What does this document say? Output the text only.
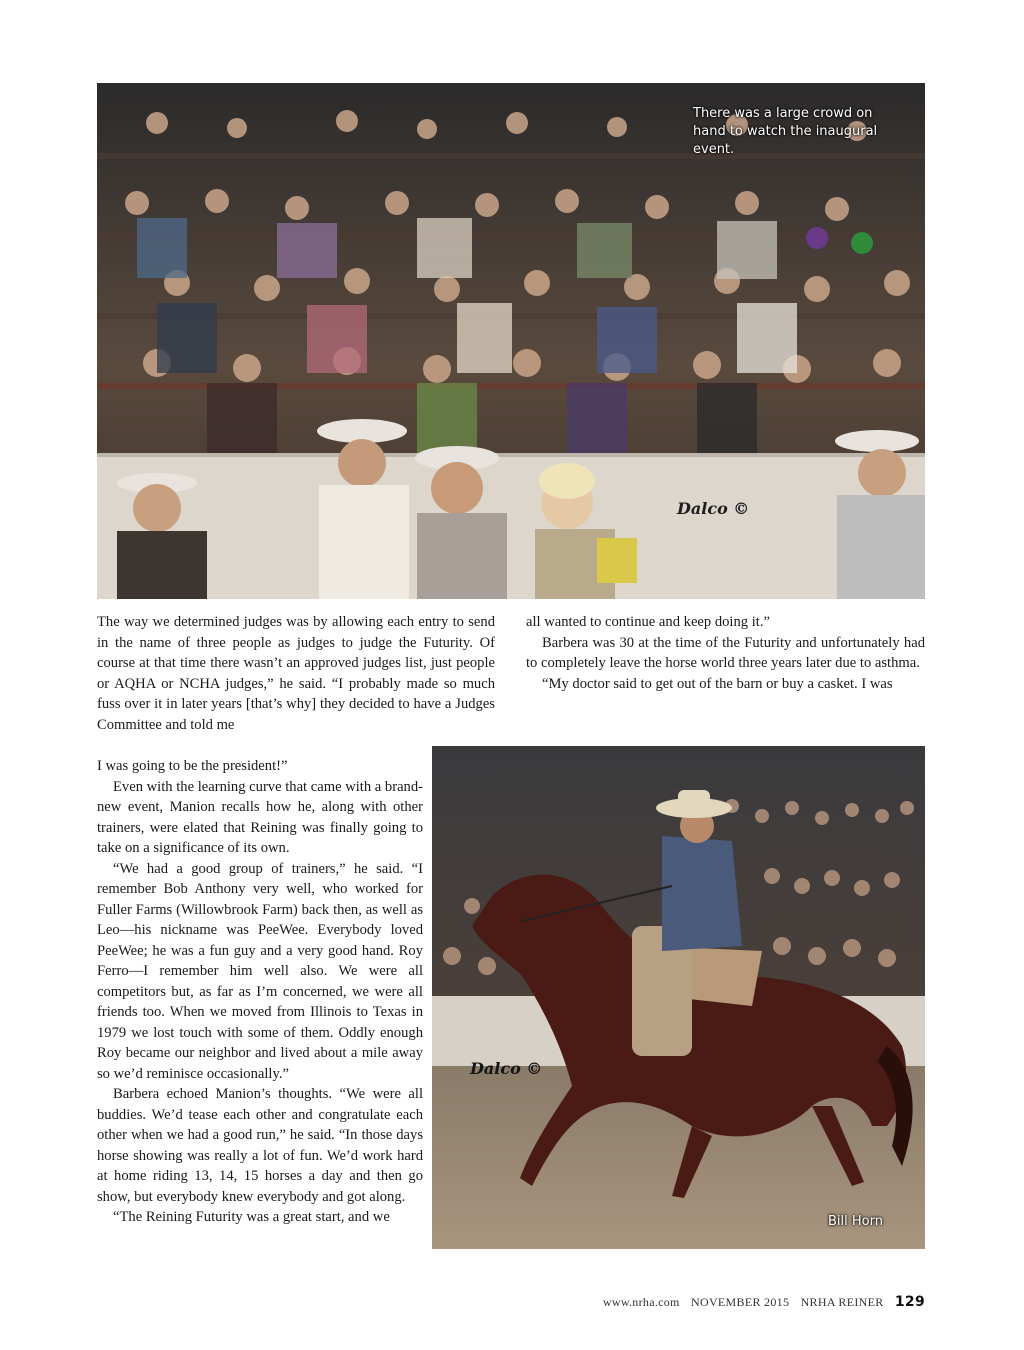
There was a large crowd on hand to watch the inaugural event.
Dalco ©

The way we determined judges was by allowing each entry to send in the name of three people as judges to judge the Futurity. Of course at that time there wasn’t an approved judges list, just people or AQHA or NCHA judges,” he said. “I probably made so much fuss over it in later years [that’s why] they decided to have a Judges Committee and told me

I was going to be the president!”

Even with the learning curve that came with a brand-new event, Manion recalls how he, along with other trainers, were elated that Reining was finally going to take on a significance of its own.

“We had a good group of trainers,” he said. “I remember Bob Anthony very well, who worked for Fuller Farms (Willowbrook Farm) back then, as well as Leo—his nickname was PeeWee. Everybody loved PeeWee; he was a fun guy and a very good hand. Roy Ferro—I remember him well also. We were all competitors but, as far as I’m concerned, we were all friends too. When we moved from Illinois to Texas in 1979 we lost touch with some of them. Oddly enough Roy became our neighbor and lived about a mile away so we’d reminisce occasionally.”

Barbera echoed Manion’s thoughts. “We were all buddies. We’d tease each other and congratulate each other when we had a good run,” he said. “In those days horse showing was really a lot of fun. We’d work hard at home riding 13, 14, 15 horses a day and then go show, but everybody knew everybody and got along.

“The Reining Futurity was a great start, and we

all wanted to continue and keep doing it.”

Barbera was 30 at the time of the Futurity and unfortunately had to completely leave the horse world three years later due to asthma.

“My doctor said to get out of the barn or buy a casket. I was

Dalco ©
Bill Horn
www.nrha.com NOVEMBER 2015 NRHA REINER 129
